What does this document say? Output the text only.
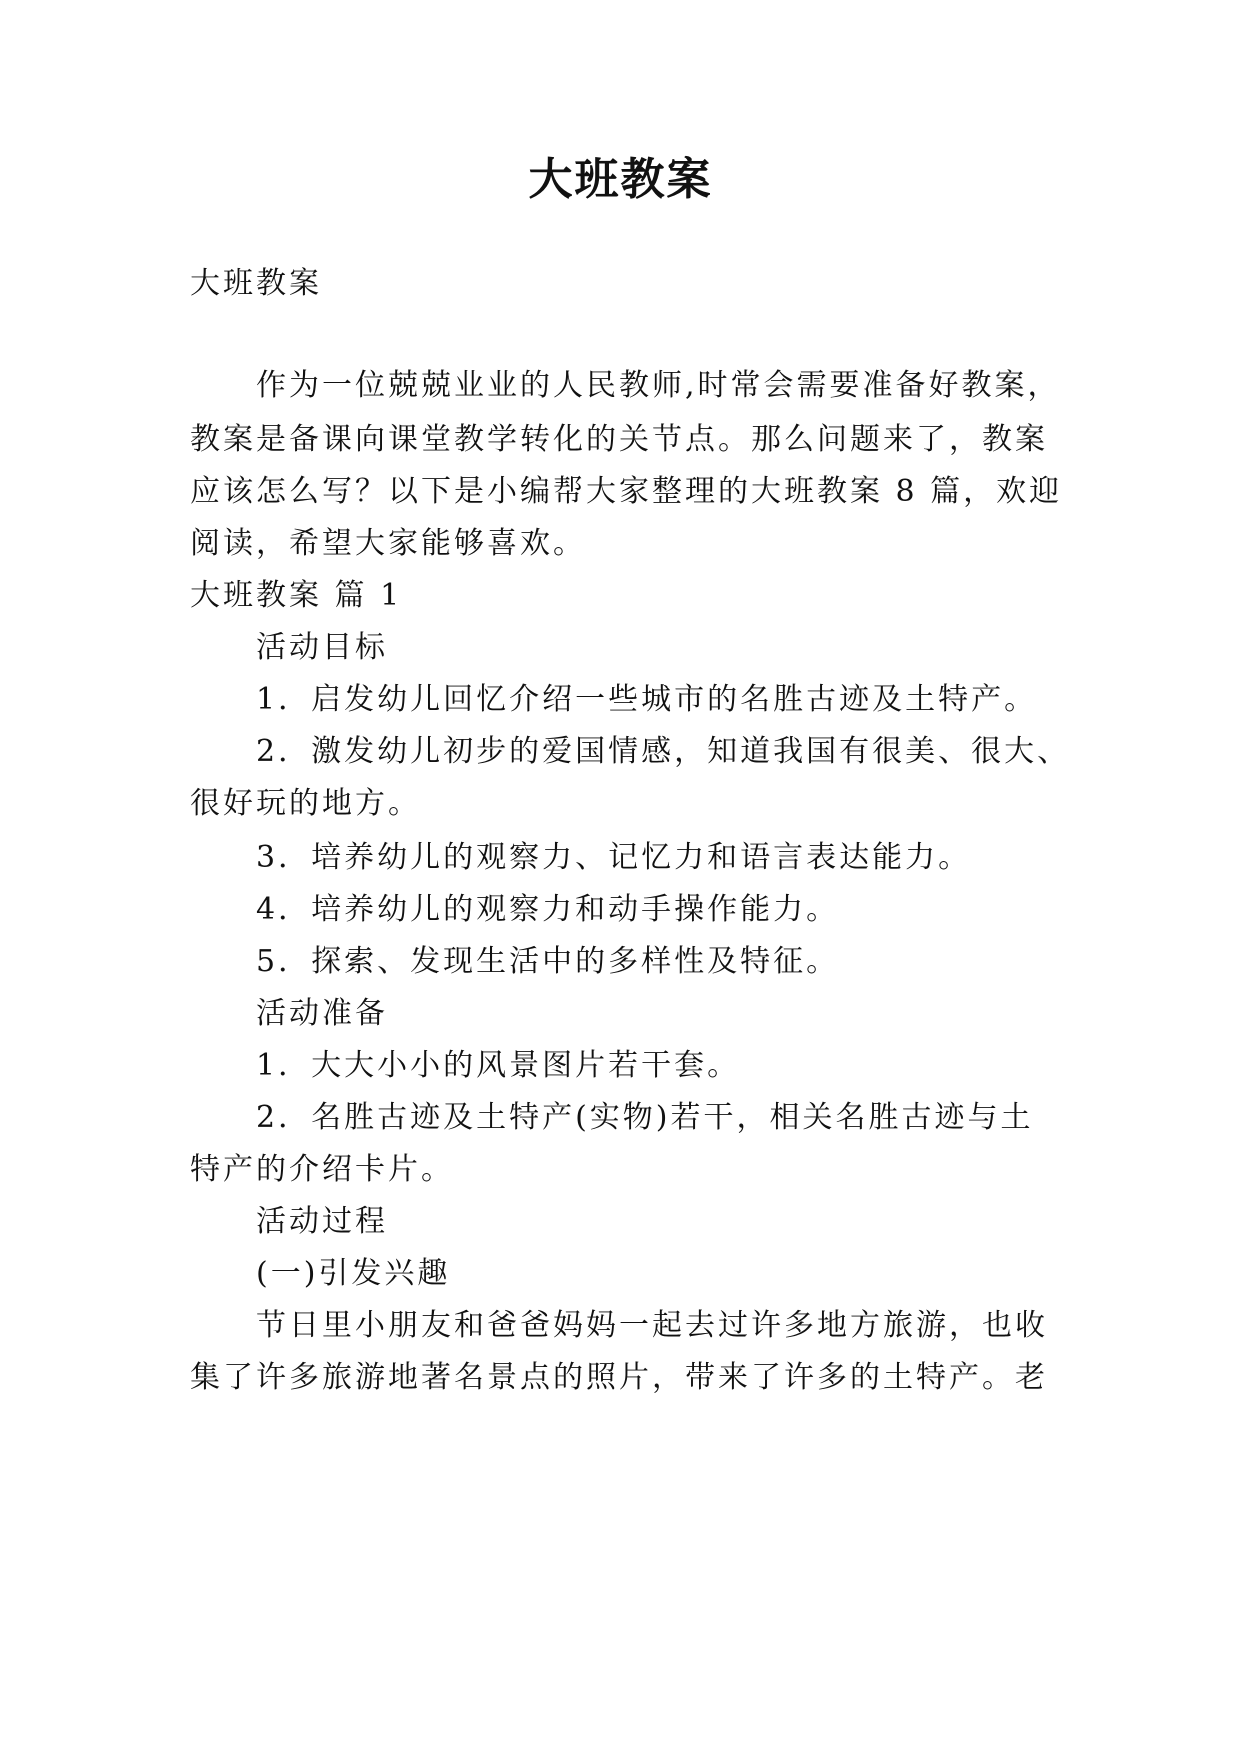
大班教案
大班教案
作为一位兢兢业业的人民教师,时常会需要准备好教案，
教案是备课向课堂教学转化的关节点。那么问题来了，教案
应该怎么写？以下是小编帮大家整理的大班教案 8 篇，欢迎
阅读，希望大家能够喜欢。
大班教案 篇 1
活动目标
1．启发幼儿回忆介绍一些城市的名胜古迹及土特产。
2．激发幼儿初步的爱国情感，知道我国有很美、很大、
很好玩的地方。
3．培养幼儿的观察力、记忆力和语言表达能力。
4．培养幼儿的观察力和动手操作能力。
5．探索、发现生活中的多样性及特征。
活动准备
1．大大小小的风景图片若干套。
2．名胜古迹及土特产(实物)若干，相关名胜古迹与土
特产的介绍卡片。
活动过程
(一)引发兴趣
节日里小朋友和爸爸妈妈一起去过许多地方旅游，也收
集了许多旅游地著名景点的照片，带来了许多的土特产。老
